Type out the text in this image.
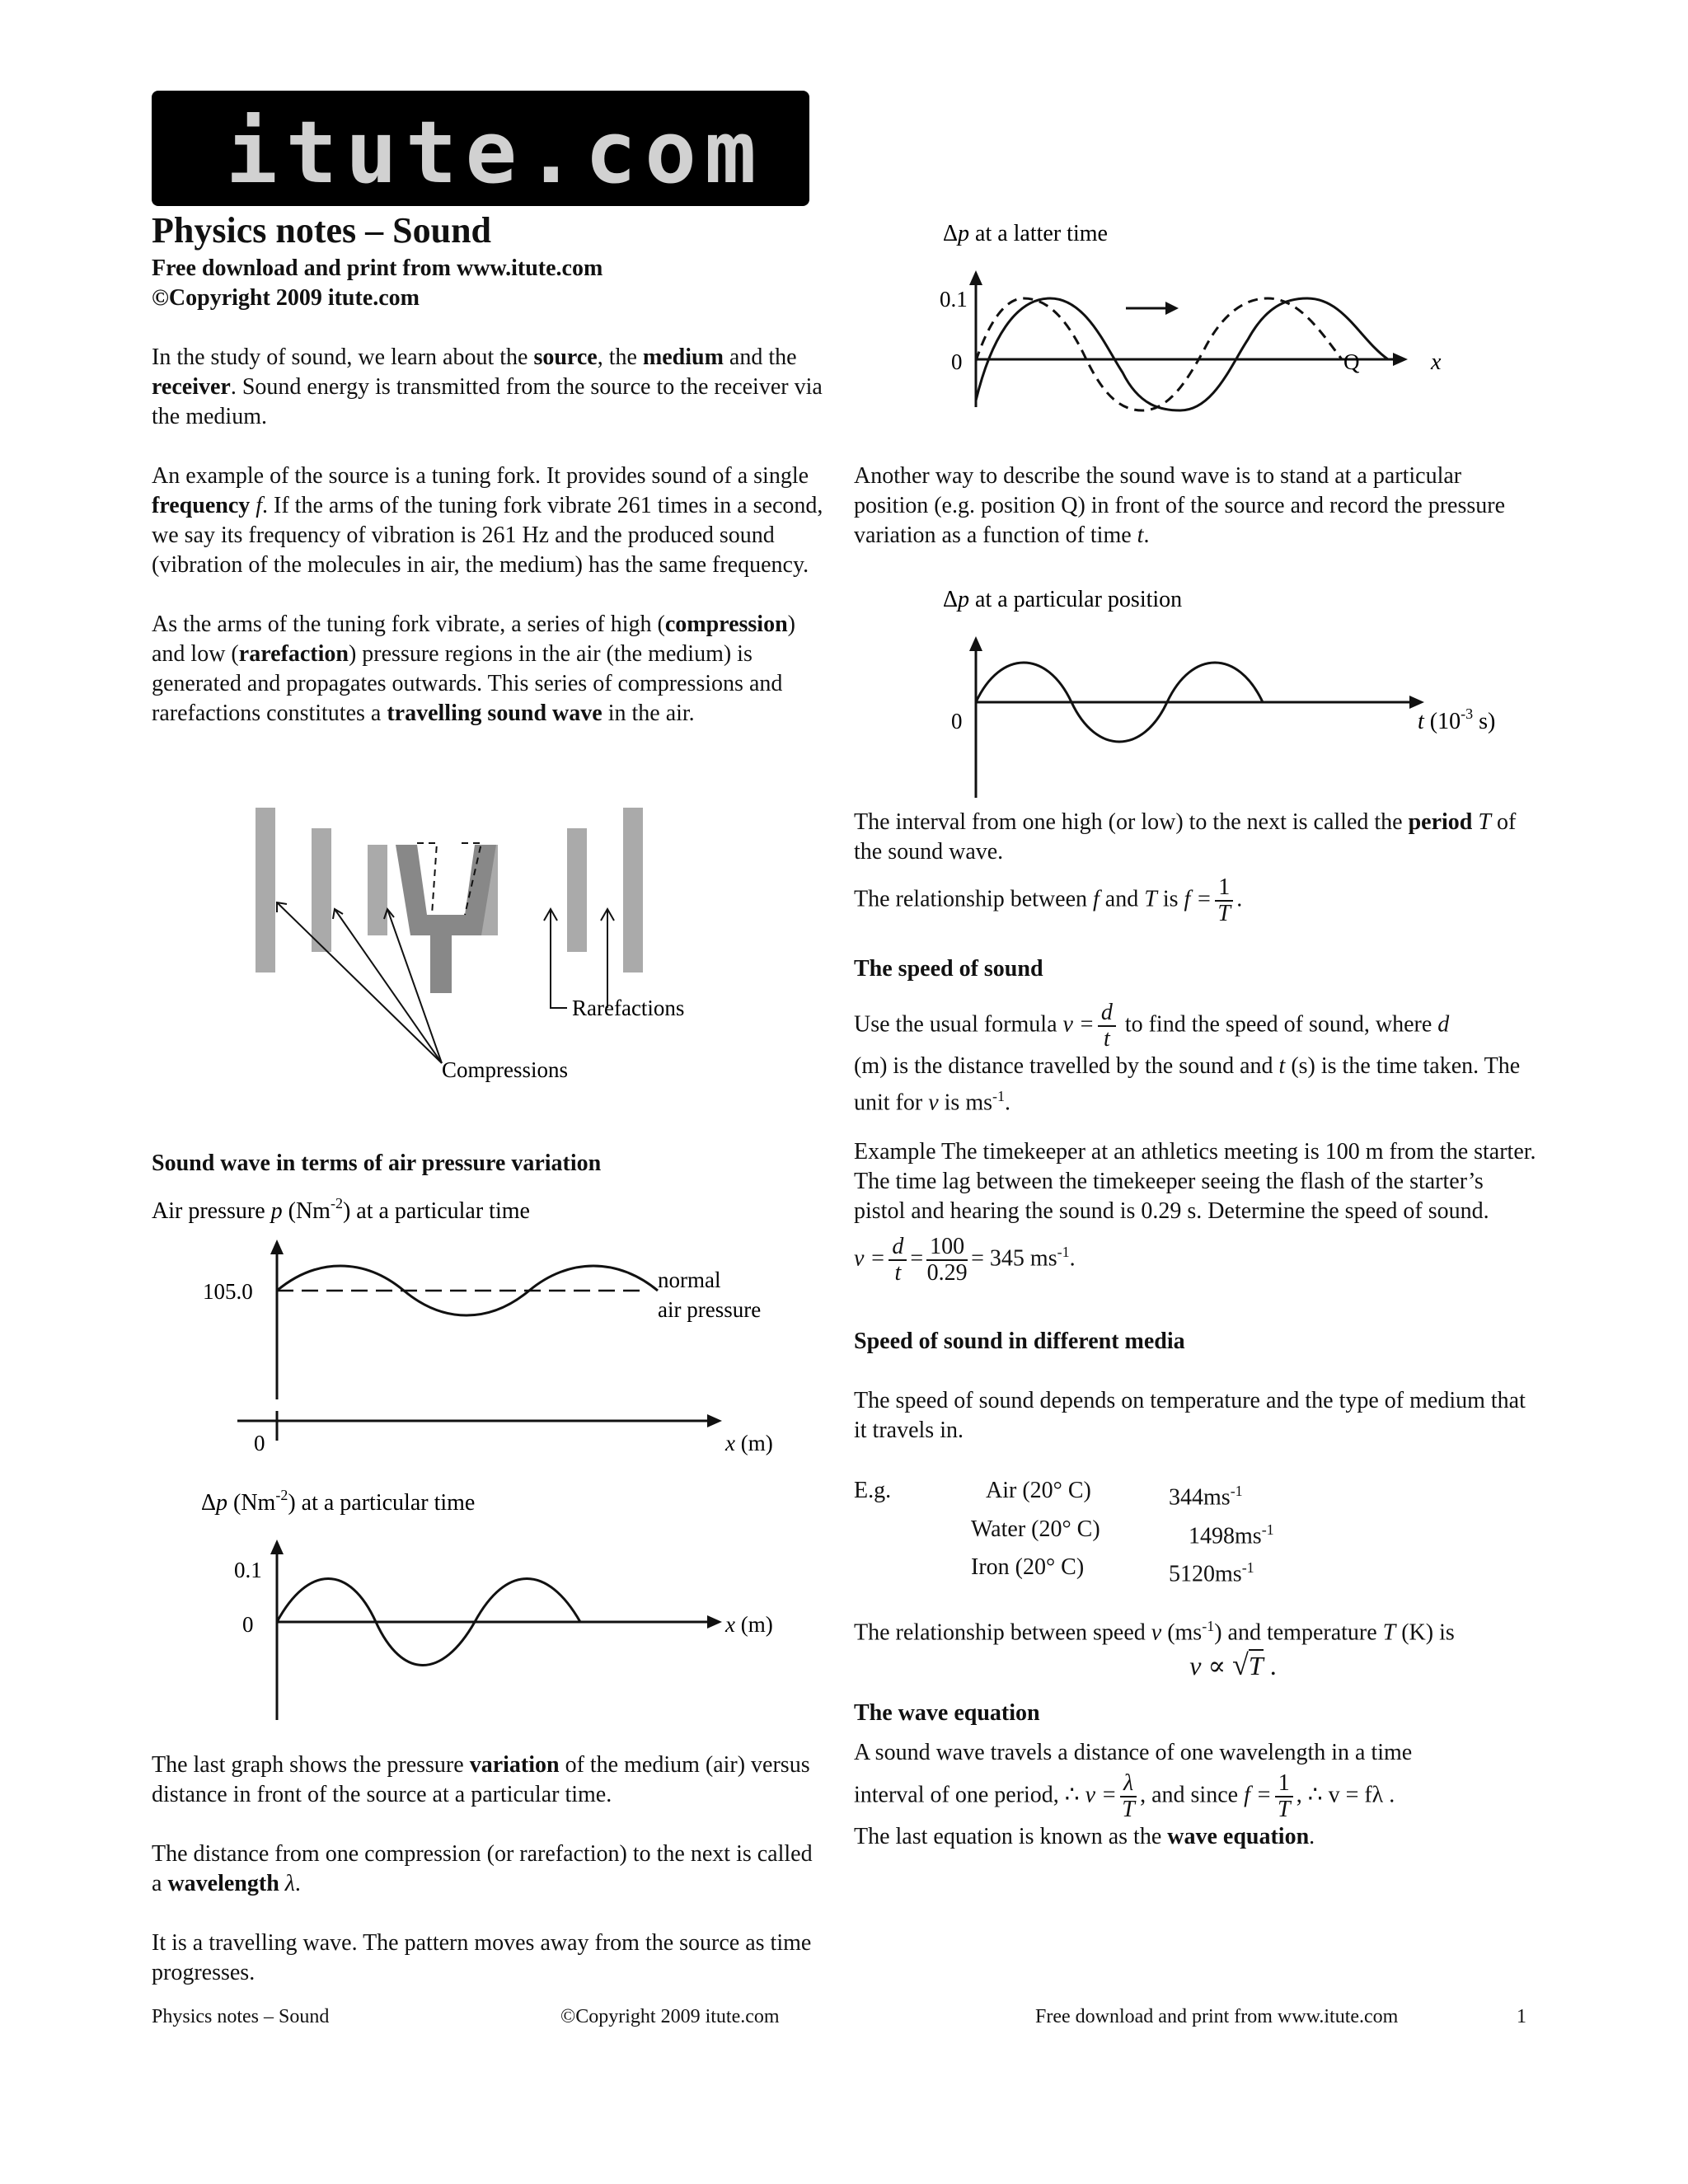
itute.com
Physics notes – Sound
Free download and print from www.itute.com
©Copyright 2009 itute.com

In the study of sound, we learn about the source, the medium and the receiver. Sound energy is transmitted from the source to the receiver via the medium.

An example of the source is a tuning fork. It provides sound of a single frequency f. If the arms of the tuning fork vibrate 261 times in a second, we say its frequency of vibration is 261 Hz and the produced sound (vibration of the molecules in air, the medium) has the same frequency.

As the arms of the tuning fork vibrate, a series of high (compression) and low (rarefaction) pressure regions in the air (the medium) is generated and propagates outwards. This series of compressions and rarefactions constitutes a travelling sound wave in the air.

Rarefactions
Compressions
Sound wave in terms of air pressure variation
Air pressure p $(Nm^{-2})$ at a particular time
105.0	normal
air pressure
0	x (m)
Δp $(Nm^{-2})$ at a particular time
0.1
0	x (m)

The last graph shows the pressure variation of the medium (air) versus distance in front of the source at a particular time.

The distance from one compression (or rarefaction) to the next is called a wavelength λ.

It is a travelling wave. The pattern moves away from the source as time progresses.

Δp at a latter time
0.1
0	Q	x

Another way to describe the sound wave is to stand at a particular position (e.g. position Q) in front of the source and record the pressure variation as a function of time t.

Δp at a particular position
0	t ($10^{-3}$ s)

The interval from one high (or low) to the next is called the period T of the sound wave.

The relationship between f and T is $f = \frac{1}{T}$ .

The speed of sound

Use the usual formula $v = \frac{d}{t}$ to find the speed of sound, where d

(m) is the distance travelled by the sound and t (s) is the time taken. The unit for v is $ms^{-1}$.

Example The timekeeper at an athletics meeting is 100 m from the starter. The time lag between the timekeeper seeing the flash of the starter’s pistol and hearing the sound is 0.29 s. Determine the speed of sound.

$v = \frac{d}{t} = \frac{100}{0.29} = 345$ $ms^{-1}$.

Speed of sound in different media

The speed of sound depends on temperature and the type of medium that it travels in.

E.g.	Air (20° C)	$344ms^{-1}$
	Water (20° C)	$1498ms^{-1}$
	Iron (20° C)	$5120ms^{-1}$

The relationship between speed v $(ms^{-1})$ and temperature T (K) is

v ∝ √T .

The wave equation

A sound wave travels a distance of one wavelength in a time

interval of one period, ∴ $v = \frac{\lambda}{T}$ , and since $f = \frac{1}{T}$ , ∴ v = fλ .

The last equation is known as the wave equation.

Physics notes – Sound	©Copyright 2009 itute.com	Free download and print from www.itute.com	1
